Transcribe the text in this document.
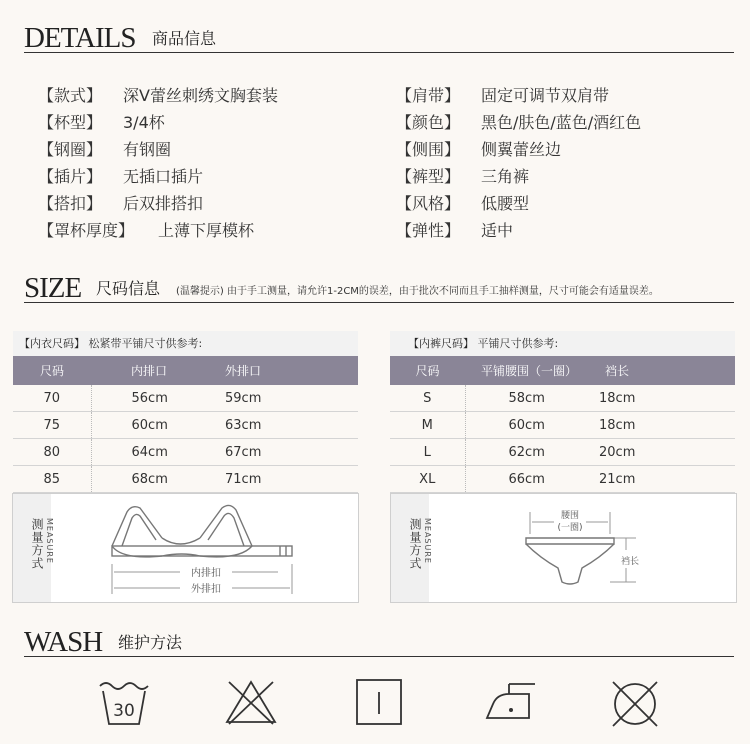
DETAILS 商品信息
【款式】 深V蕾丝刺绣文胸套装
【杯型】 3/4杯
【钢圈】 有钢圈
【插片】 无插口插片
【搭扣】 后双排搭扣
【罩杯厚度】 上薄下厚模杯
【肩带】 固定可调节双肩带
【颜色】 黑色/肤色/蓝色/酒红色
【侧围】 侧翼蕾丝边
【裤型】 三角裤
【风格】 低腰型
【弹性】 适中
SIZE 尺码信息 (温馨提示) 由于手工测量，请允许1-2CM的误差，由于批次不同而且手工抽样测量，尺寸可能会有适量误差。
【内衣尺码】 松紧带平铺尺寸供参考:
尺码	内排口	外排口
70	56cm	59cm
75	60cm	63cm
80	64cm	67cm
85	68cm	71cm
【内裤尺码】 平铺尺寸供参考:
尺码	平铺腰围（一圈）	裆长
S	58cm	18cm
M	60cm	18cm
L	62cm	20cm
XL	66cm	21cm
测量方式 MEASURE
内排扣
外排扣
测量方式 MEASURE
腰围
(一圈)
裆长
WASH 维护方法
30
